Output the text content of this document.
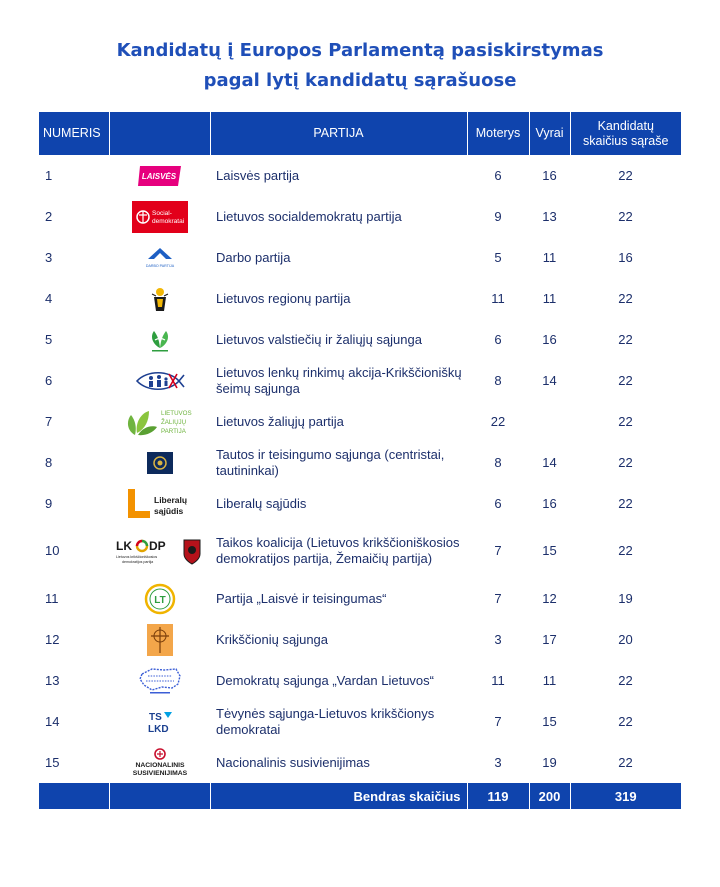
Kandidatų į Europos Parlamentą pasiskirstymas
pagal lytį kandidatų sąrašuose
NUMERIS		PARTIJA	Moterys	Vyrai	Kandidatų
skaičius sąraše

1	LAISVĖS	Laisvės partija	6	16	22
2	Social-
demokratai	Lietuvos socialdemokratų partija	9	13	22
3	DARBO PARTIJA	Darbo partija	5	11	16
4		Lietuvos regionų partija	11	11	22
5		Lietuvos valstiečių ir žaliųjų sąjunga	6	16	22
6		Lietuvos lenkų rinkimų akcija-Krikščioniškų šeimų sąjunga	8	14	22
7	LIETUVOS
ŽALIŲJŲ
PARTIJA	Lietuvos žaliųjų partija	22		22
8		Tautos ir teisingumo sąjunga (centristai, tautininkai)	8	14	22
9	Liberalų
sąjūdis	Liberalų sąjūdis	6	16	22
10	LK DP
Lietuvos krikščioniškosios
demokratijos partija	Taikos koalicija (Lietuvos krikščioniškosios demokratijos partija, Žemaičių partija)	7	15	22
11	LT	Partija „Laisvė ir teisingumas“	7	12	19
12		Krikščionių sąjunga	3	17	20
13		Demokratų sąjunga „Vardan Lietuvos“	11	11	22
14	TS
LKD	Tėvynės sąjunga-Lietuvos krikščionys demokratai	7	15	22
15	NACIONALINIS
SUSIVIENIJIMAS	Nacionalinis susivienijimas	3	19	22
		Bendras skaičius	119	200	319
